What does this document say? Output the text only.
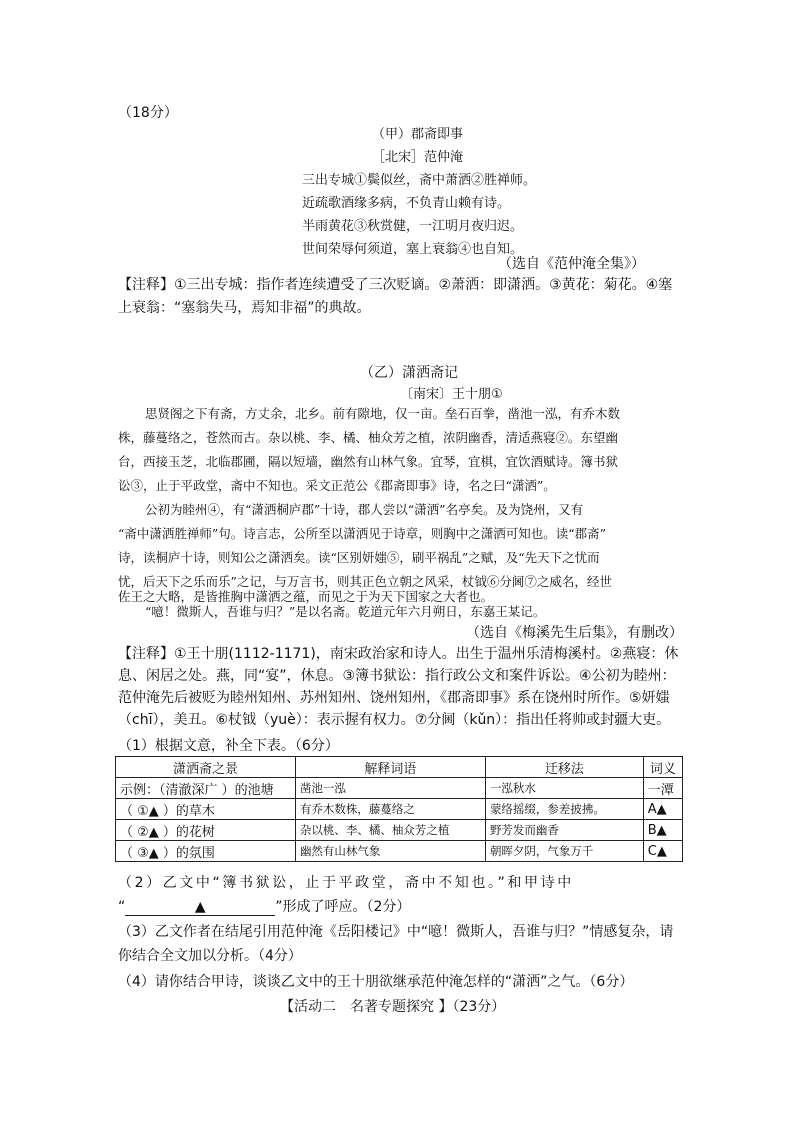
（18分）
（甲）郡斋即事
［北宋］范仲淹
三出专城①鬓似丝，斋中萧洒②胜禅师。
近疏歌酒缘多病，不负青山赖有诗。
半雨黄花③秋赏健，一江明月夜归迟。
世间荣辱何须道，塞上衰翁④也自知。
（选自《范仲淹全集》）
【注释】①三出专城：指作者连续遭受了三次贬谪。②萧洒：即潇洒。③黄花：菊花。④塞
上衰翁：“塞翁失马，焉知非福”的典故。
（乙）潇洒斋记
〔南宋〕王十朋①
思贤阁之下有斋，方丈余，北乡。前有隙地，仅一亩。垒石百拳，凿池一泓，有乔木数
株，藤蔓络之，苍然而古。杂以桃、李、橘、柚众芳之植，浓阴幽香，清适燕寝②。东望幽
台，西接玉芝，北临郡圃，隔以短墙，幽然有山林气象。宜琴，宜棋，宜饮酒赋诗。簿书狱
讼③，止于平政堂，斋中不知也。采文正范公《郡斋即事》诗，名之曰“潇洒”。
公初为睦州④，有“潇洒桐庐郡”十诗，郡人尝以“潇洒”名亭矣。及为饶州，又有
“斋中潇洒胜禅师”句。诗言志，公所至以潇洒见于诗章，则胸中之潇洒可知也。读“郡斋”
诗，读桐庐十诗，则知公之潇洒矣。读“区别妍媸⑤，刷平祸乱”之赋，及“先天下之忧而
忧，后天下之乐而乐”之记，与万言书，则其正色立朝之风采，杖钺⑥分阃⑦之威名，经世
佐王之大略，是皆推胸中潇洒之蕴，而见之于为天下国家之大者也。
“噫！微斯人，吾谁与归？”是以名斋。乾道元年六月朔日，东嘉王某记。
（选自《梅溪先生后集》，有删改）
【注释】①王十朋(1112-1171)，南宋政治家和诗人。出生于温州乐清梅溪村。②燕寝：休
息、闲居之处。燕，同“宴”，休息。③簿书狱讼：指行政公文和案件诉讼。④公初为睦州：
范仲淹先后被贬为睦州知州、苏州知州、饶州知州，《郡斋即事》系在饶州时所作。⑤妍媸
（chī），美丑。⑥杖钺（yuè）：表示握有权力。⑦分阃（kǔn）：指出任将帅或封疆大吏。
（1）根据文意，补全下表。（6分）
潇洒斋之景	解释词语	迁移法	词义
示例：（清澈深广 ）的池塘	凿池一泓	一泓秋水	一潭
（ ①▲ ）的草木	有乔木数株，藤蔓络之	蒙络摇缀，参差披拂。	A▲
（ ②▲ ）的花树	杂以桃、李、橘、柚众芳之植	野芳发而幽香	B▲
（ ③▲ ）的氛围	幽然有山林气象	朝晖夕阴，气象万千	C▲
（2）乙文中“簿书狱讼，止于平政堂，斋中不知也。”和甲诗中
“	▲	”形成了呼应。（2分）
（3）乙文作者在结尾引用范仲淹《岳阳楼记》中“噫！微斯人，吾谁与归？”情感复杂，请
你结合全文加以分析。（4分）
（4）请你结合甲诗，谈谈乙文中的王十朋欲继承范仲淹怎样的“潇洒”之气。（6分）
【活动二　名著专题探究 】（23分）
